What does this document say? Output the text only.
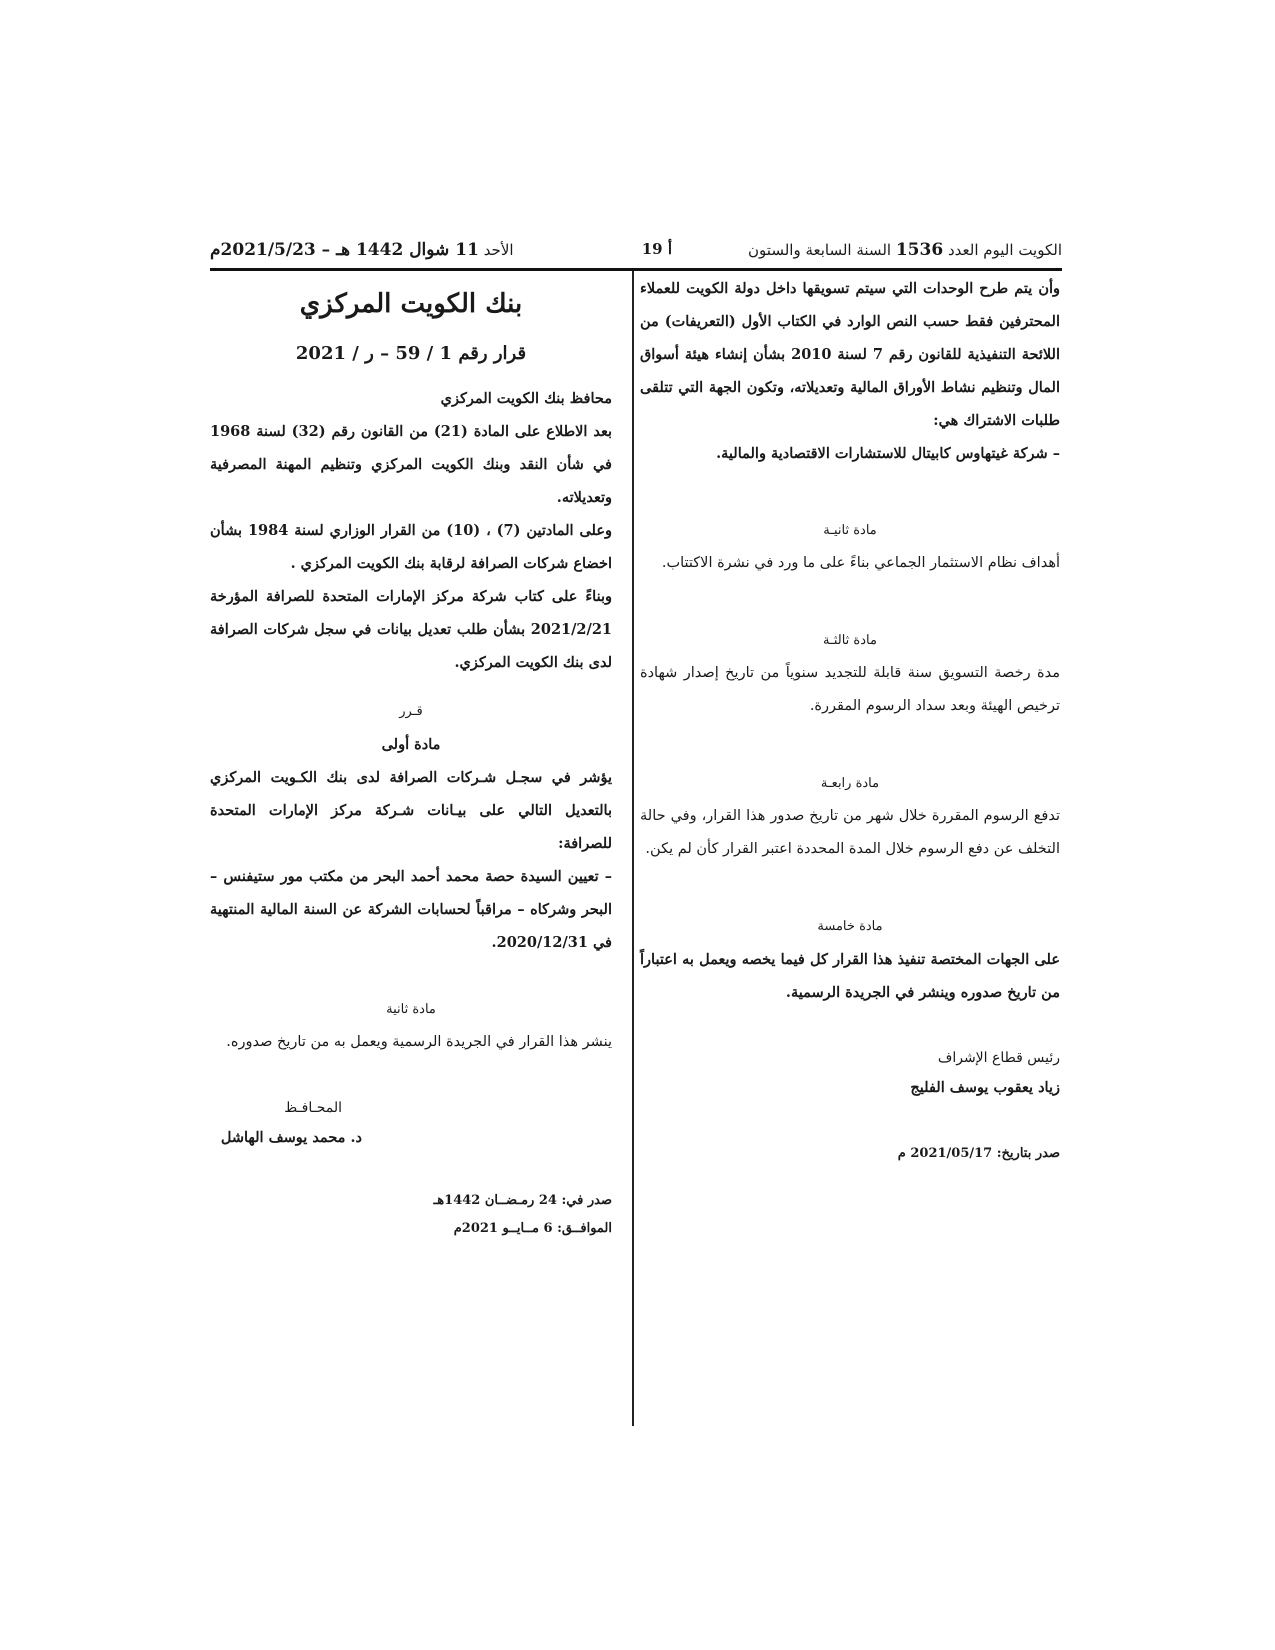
الكويت اليوم العدد 1536 السنة السابعة والستون
أ 19
الأحد 11 شوال 1442 هـ – 2021/5/23م

وأن يتم طرح الوحدات التي سيتم تسويقها داخل دولة الكويت للعملاء المحترفين فقط حسب النص الوارد في الكتاب الأول (التعريفات) من اللائحة التنفيذية للقانون رقم 7 لسنة 2010 بشأن إنشاء هيئة أسواق المال وتنظيم نشاط الأوراق المالية وتعديلاته، وتكون الجهة التي تتلقى طلبات الاشتراك هي:

– شركة غيتهاوس كابيتال للاستشارات الاقتصادية والمالية.

مادة ثانيـة

أهداف نظام الاستثمار الجماعي بناءً على ما ورد في نشرة الاكتتاب.

مادة ثالثـة

مدة رخصة التسويق سنة قابلة للتجديد سنوياً من تاريخ إصدار شهادة ترخيص الهيئة وبعد سداد الرسوم المقررة.

مادة رابعـة

تدفع الرسوم المقررة خلال شهر من تاريخ صدور هذا القرار، وفي حالة التخلف عن دفع الرسوم خلال المدة المحددة اعتبر القرار كأن لم يكن.

مادة خامسة

على الجهات المختصة تنفيذ هذا القرار كل فيما يخصه ويعمل به اعتباراً من تاريخ صدوره وينشر في الجريدة الرسمية.

رئيس قطاع الإشراف
زياد يعقوب يوسف الفليج
صدر بتاريخ: 2021/05/17 م
بنك الكويت المركزي
قرار رقم 1 / 59 – ر / 2021

محافظ بنك الكويت المركزي

بعد الاطلاع على المادة (21) من القانون رقم (32) لسنة 1968 في شأن النقد وبنك الكويت المركزي وتنظيم المهنة المصرفية وتعديلاته.

وعلى المادتين (7) ، (10) من القرار الوزاري لسنة 1984 بشأن اخضاع شركات الصرافة لرقابة بنك الكويت المركزي .

وبناءً على كتاب شركة مركز الإمارات المتحدة للصرافة المؤرخة 2021/2/21 بشأن طلب تعديل بيانات في سجل شركات الصرافة لدى بنك الكويت المركزي.

قـرر

مادة أولى

يؤشر في سجـل شـركات الصرافة لدى بنك الكـويت المركزي بالتعديل التالي على بيـانات شـركة مركز الإمارات المتحدة للصرافة:

– تعيين السيدة حصة محمد أحمد البحر من مكتب مور ستيفنس – البحر وشركاه – مراقباً لحسابات الشركة عن السنة المالية المنتهية في 2020/12/31.

مادة ثانية

ينشر هذا القرار في الجريدة الرسمية ويعمل به من تاريخ صدوره.

المحـافـظ
د. محمد يوسف الهاشل
صدر في: 24 رمـضــان 1442هـ
الموافــق: 6 مــايــو 2021م
